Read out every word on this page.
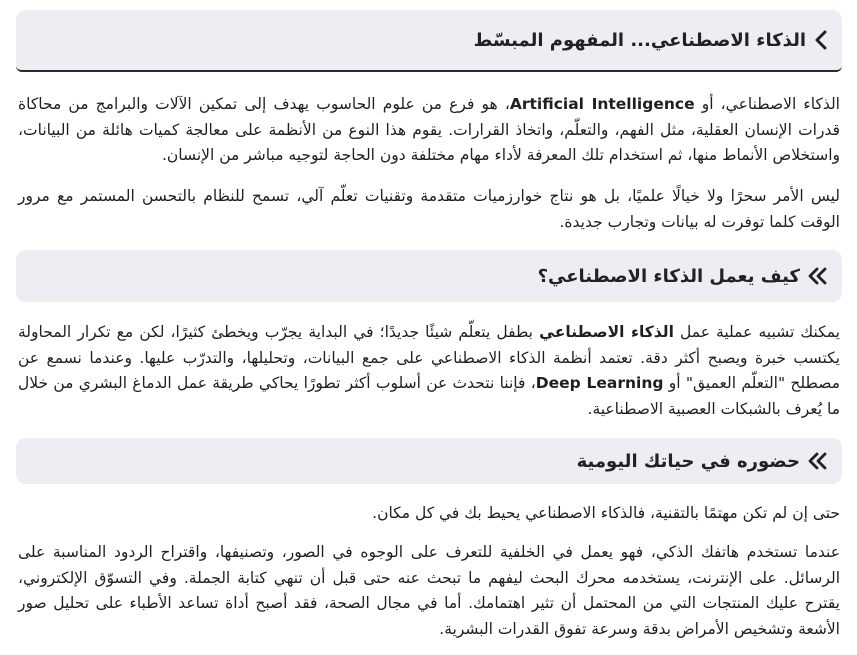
الذكاء الاصطناعي... المفهوم المبسّط

الذكاء الاصطناعي، أو Artificial Intelligence، هو فرع من علوم الحاسوب يهدف إلى تمكين الآلات والبرامج من محاكاة قدرات الإنسان العقلية، مثل الفهم، والتعلّم، واتخاذ القرارات. يقوم هذا النوع من الأنظمة على معالجة كميات هائلة من البيانات، واستخلاص الأنماط منها، ثم استخدام تلك المعرفة لأداء مهام مختلفة دون الحاجة لتوجيه مباشر من الإنسان.

ليس الأمر سحرًا ولا خيالًا علميًا، بل هو نتاج خوارزميات متقدمة وتقنيات تعلّم آلي، تسمح للنظام بالتحسن المستمر مع مرور الوقت كلما توفرت له بيانات وتجارب جديدة.

كيف يعمل الذكاء الاصطناعي؟

يمكنك تشبيه عملية عمل الذكاء الاصطناعي بطفل يتعلّم شيئًا جديدًا؛ في البداية يجرّب ويخطئ كثيرًا، لكن مع تكرار المحاولة يكتسب خبرة ويصبح أكثر دقة. تعتمد أنظمة الذكاء الاصطناعي على جمع البيانات، وتحليلها، والتدرّب عليها. وعندما نسمع عن مصطلح "التعلّم العميق" أو Deep Learning، فإننا نتحدث عن أسلوب أكثر تطورًا يحاكي طريقة عمل الدماغ البشري من خلال ما يُعرف بالشبكات العصبية الاصطناعية.

حضوره في حياتك اليومية

حتى إن لم تكن مهتمًا بالتقنية، فالذكاء الاصطناعي يحيط بك في كل مكان.

عندما تستخدم هاتفك الذكي، فهو يعمل في الخلفية للتعرف على الوجوه في الصور، وتصنيفها، واقتراح الردود المناسبة على الرسائل. على الإنترنت، يستخدمه محرك البحث ليفهم ما تبحث عنه حتى قبل أن تنهي كتابة الجملة. وفي التسوّق الإلكتروني، يقترح عليك المنتجات التي من المحتمل أن تثير اهتمامك. أما في مجال الصحة، فقد أصبح أداة تساعد الأطباء على تحليل صور الأشعة وتشخيص الأمراض بدقة وسرعة تفوق القدرات البشرية.
